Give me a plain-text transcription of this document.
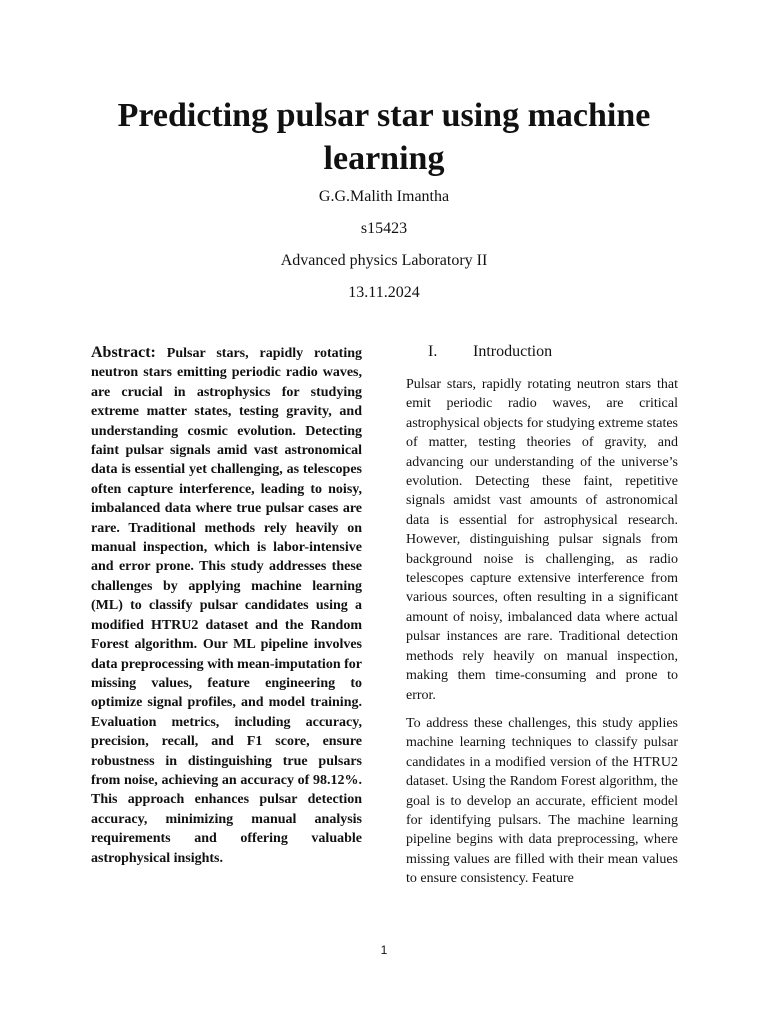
Predicting pulsar star using machine learning
G.G.Malith Imantha
s15423
Advanced physics Laboratory II
13.11.2024
Abstract: Pulsar stars, rapidly rotating neutron stars emitting periodic radio waves, are crucial in astrophysics for studying extreme matter states, testing gravity, and understanding cosmic evolution. Detecting faint pulsar signals amid vast astronomical data is essential yet challenging, as telescopes often capture interference, leading to noisy, imbalanced data where true pulsar cases are rare. Traditional methods rely heavily on manual inspection, which is labor-intensive and error prone. This study addresses these challenges by applying machine learning (ML) to classify pulsar candidates using a modified HTRU2 dataset and the Random Forest algorithm. Our ML pipeline involves data preprocessing with mean-imputation for missing values, feature engineering to optimize signal profiles, and model training. Evaluation metrics, including accuracy, precision, recall, and F1 score, ensure robustness in distinguishing true pulsars from noise, achieving an accuracy of 98.12%. This approach enhances pulsar detection accuracy, minimizing manual analysis requirements and offering valuable astrophysical insights.
I.	Introduction

Pulsar stars, rapidly rotating neutron stars that emit periodic radio waves, are critical astrophysical objects for studying extreme states of matter, testing theories of gravity, and advancing our understanding of the universe’s evolution. Detecting these faint, repetitive signals amidst vast amounts of astronomical data is essential for astrophysical research. However, distinguishing pulsar signals from background noise is challenging, as radio telescopes capture extensive interference from various sources, often resulting in a significant amount of noisy, imbalanced data where actual pulsar instances are rare. Traditional detection methods rely heavily on manual inspection, making them time-consuming and prone to error.

To address these challenges, this study applies machine learning techniques to classify pulsar candidates in a modified version of the HTRU2 dataset. Using the Random Forest algorithm, the goal is to develop an accurate, efficient model for identifying pulsars. The machine learning pipeline begins with data preprocessing, where missing values are filled with their mean values to ensure consistency. Feature

1
